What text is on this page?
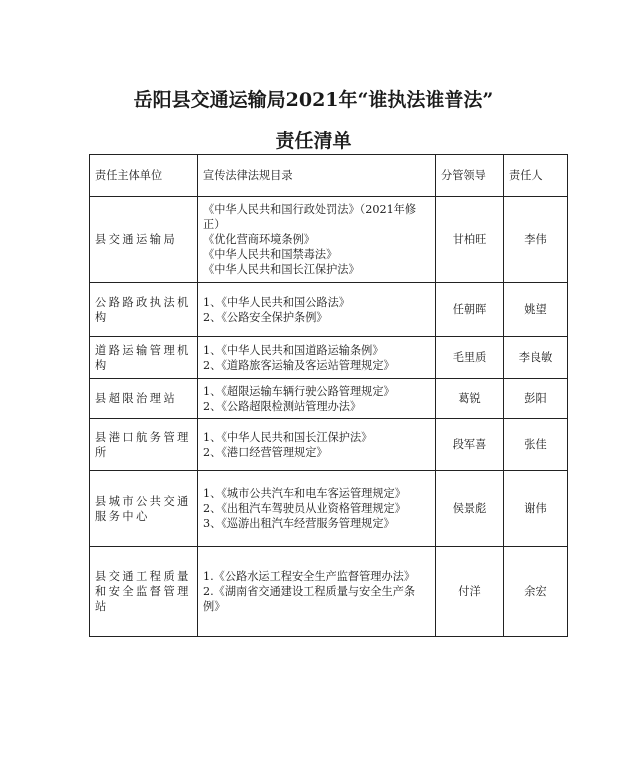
岳阳县交通运输局2021年“谁执法谁普法”
责任清单
责任主体单位	宣传法律法规目录	分管领导	责任人
县交通运输局	《中华人民共和国行政处罚法》（2021年修正）
《优化营商环境条例》
《中华人民共和国禁毒法》
《中华人民共和国长江保护法》	甘柏旺	李伟
公路路政执法机构	1、《中华人民共和国公路法》
2、《公路安全保护条例》	任朝晖	姚望
道路运输管理机构	1、《中华人民共和国道路运输条例》
2、《道路旅客运输及客运站管理规定》	毛里质	李良敏
县超限治理站	1、《超限运输车辆行驶公路管理规定》
2、《公路超限检测站管理办法》	葛锐	彭阳
县港口航务管理所	1、《中华人民共和国长江保护法》
2、《港口经营管理规定》	段军喜	张佳
县城市公共交通服务中心	1、《城市公共汽车和电车客运管理规定》
2、《出租汽车驾驶员从业资格管理规定》
3、《巡游出租汽车经营服务管理规定》	侯景彪	谢伟
县交通工程质量和安全监督管理站	1.《公路水运工程安全生产监督管理办法》
2.《湖南省交通建设工程质量与安全生产条例》	付洋	余宏
